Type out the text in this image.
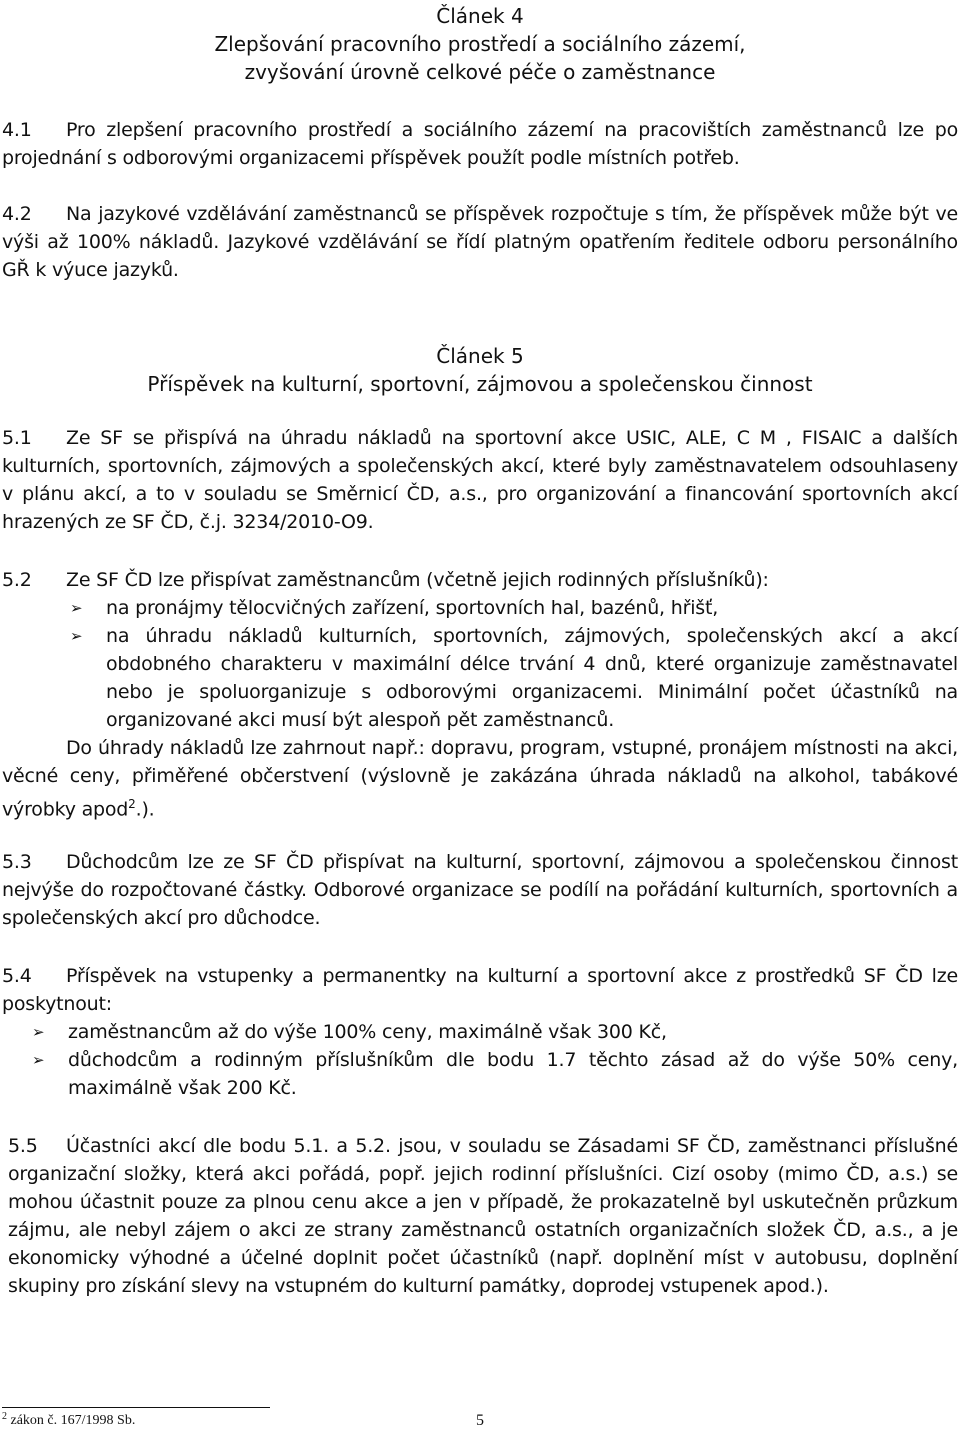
Článek 4
Zlepšování pracovního prostředí a sociálního zázemí,
zvyšování úrovně celkové péče o zaměstnance
4.1 Pro zlepšení pracovního prostředí a sociálního zázemí na pracovištích zaměstnanců lze po projednání s odborovými organizacemi příspěvek použít podle místních potřeb.
4.2 Na jazykové vzdělávání zaměstnanců se příspěvek rozpočtuje s tím, že příspěvek může být ve výši až 100% nákladů. Jazykové vzdělávání se řídí platným opatřením ředitele odboru personálního GŘ k výuce jazyků.
Článek 5
Příspěvek na kulturní, sportovní, zájmovou a společenskou činnost
5.1 Ze SF se přispívá na úhradu nákladů na sportovní akce USIC, ALE, C M , FISAIC a dalších kulturních, sportovních, zájmových a společenských akcí, které byly zaměstnavatelem odsouhlaseny v plánu akcí, a to v souladu se Směrnicí ČD, a.s., pro organizování a financování sportovních akcí hrazených ze SF ČD, č.j. 3234/2010-O9.
5.2 Ze SF ČD lze přispívat zaměstnancům (včetně jejich rodinných příslušníků):
➢ na pronájmy tělocvičných zařízení, sportovních hal, bazénů, hřišť,
➢ na úhradu nákladů kulturních, sportovních, zájmových, společenských akcí a akcí obdobného charakteru v maximální délce trvání 4 dnů, které organizuje zaměstnavatel nebo je spoluorganizuje s odborovými organizacemi. Minimální počet účastníků na organizované akci musí být alespoň pět zaměstnanců.
Do úhrady nákladů lze zahrnout např.: dopravu, program, vstupné, pronájem místnosti na akci, věcné ceny, přiměřené občerstvení (výslovně je zakázána úhrada nákladů na alkohol, tabákové výrobky apod$^2$.).
5.3 Důchodcům lze ze SF ČD přispívat na kulturní, sportovní, zájmovou a společenskou činnost nejvýše do rozpočtované částky. Odborové organizace se podílí na pořádání kulturních, sportovních a společenských akcí pro důchodce.
5.4 Příspěvek na vstupenky a permanentky na kulturní a sportovní akce z prostředků SF ČD lze poskytnout:
➢ zaměstnancům až do výše 100% ceny, maximálně však 300 Kč,
➢ důchodcům a rodinným příslušníkům dle bodu 1.7 těchto zásad až do výše 50% ceny, maximálně však 200 Kč.
5.5 Účastníci akcí dle bodu 5.1. a 5.2. jsou, v souladu se Zásadami SF ČD, zaměstnanci příslušné organizační složky, která akci pořádá, popř. jejich rodinní příslušníci. Cizí osoby (mimo ČD, a.s.) se mohou účastnit pouze za plnou cenu akce a jen v případě, že prokazatelně byl uskutečněn průzkum zájmu, ale nebyl zájem o akci ze strany zaměstnanců ostatních organizačních složek ČD, a.s., a je ekonomicky výhodné a účelné doplnit počet účastníků (např. doplnění míst v autobusu, doplnění skupiny pro získání slevy na vstupném do kulturní památky, doprodej vstupenek apod.).
$^2$ zákon č. 167/1998 Sb.	5
